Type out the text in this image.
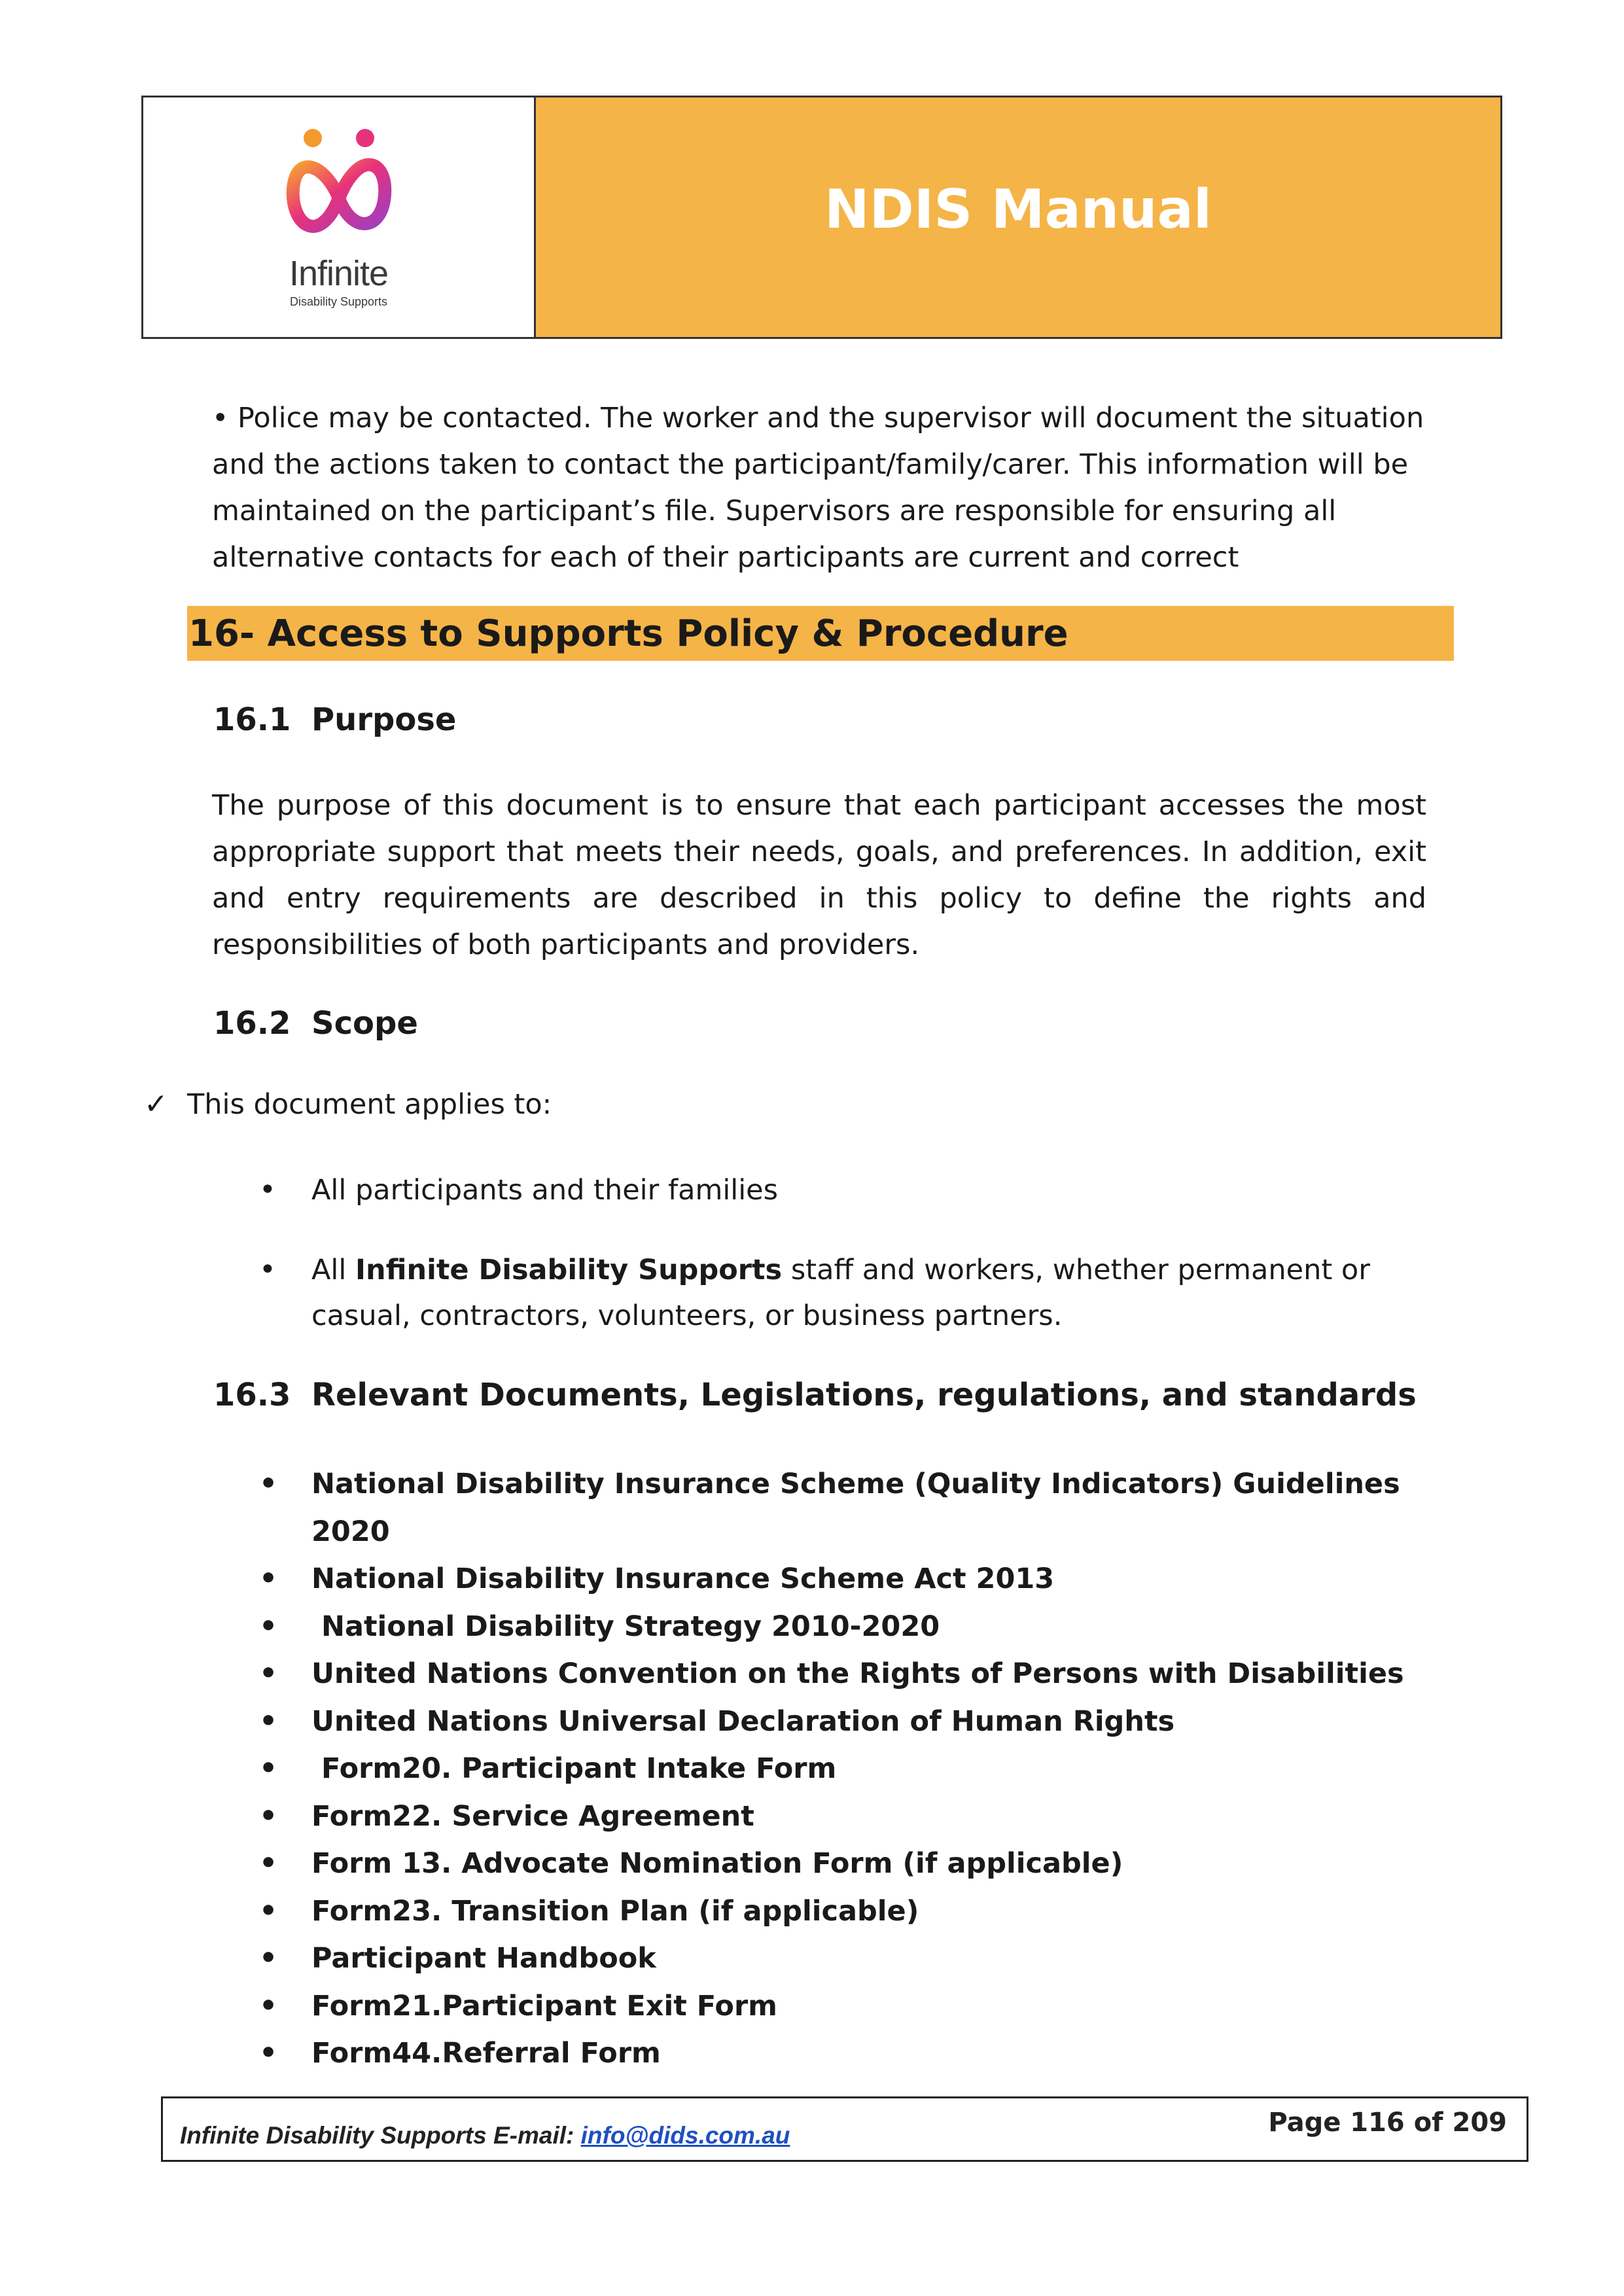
Infinite
Disability Supports
NDIS Manual
• Police may be contacted. The worker and the supervisor will document the situation and the actions taken to contact the participant/family/carer. This information will be maintained on the participant’s file. Supervisors are responsible for ensuring all alternative contacts for each of their participants are current and correct
16- Access to Supports Policy & Procedure
16.1 Purpose
The purpose of this document is to ensure that each participant accesses the most appropriate support that meets their needs, goals, and preferences. In addition, exit and entry requirements are described in this policy to define the rights and responsibilities of both participants and providers.
16.2 Scope
✓ This document applies to:
• All participants and their families
• All Infinite Disability Supports staff and workers, whether permanent or casual, contractors, volunteers, or business partners.
16.3 Relevant Documents, Legislations, regulations, and standards
• National Disability Insurance Scheme (Quality Indicators) Guidelines 2020
• National Disability Insurance Scheme Act 2013
•  National Disability Strategy 2010-2020
• United Nations Convention on the Rights of Persons with Disabilities
• United Nations Universal Declaration of Human Rights
•  Form20. Participant Intake Form
• Form22. Service Agreement
• Form 13. Advocate Nomination Form (if applicable)
• Form23. Transition Plan (if applicable)
• Participant Handbook
• Form21.Participant Exit Form
• Form44.Referral Form
Infinite Disability Supports E-mail: info@dids.com.au	Page 116 of 209
